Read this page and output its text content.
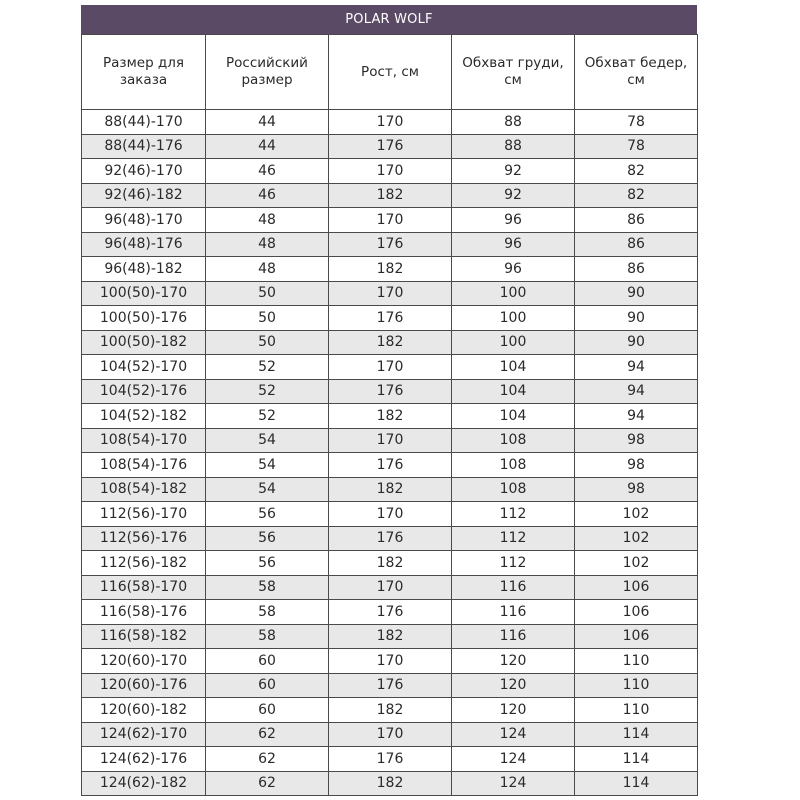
POLAR WOLF
Размер для заказа	Российский размер	Рост, см	Обхват груди, см	Обхват бедер, см
88(44)-170	44	170	88	78
88(44)-176	44	176	88	78
92(46)-170	46	170	92	82
92(46)-182	46	182	92	82
96(48)-170	48	170	96	86
96(48)-176	48	176	96	86
96(48)-182	48	182	96	86
100(50)-170	50	170	100	90
100(50)-176	50	176	100	90
100(50)-182	50	182	100	90
104(52)-170	52	170	104	94
104(52)-176	52	176	104	94
104(52)-182	52	182	104	94
108(54)-170	54	170	108	98
108(54)-176	54	176	108	98
108(54)-182	54	182	108	98
112(56)-170	56	170	112	102
112(56)-176	56	176	112	102
112(56)-182	56	182	112	102
116(58)-170	58	170	116	106
116(58)-176	58	176	116	106
116(58)-182	58	182	116	106
120(60)-170	60	170	120	110
120(60)-176	60	176	120	110
120(60)-182	60	182	120	110
124(62)-170	62	170	124	114
124(62)-176	62	176	124	114
124(62)-182	62	182	124	114
